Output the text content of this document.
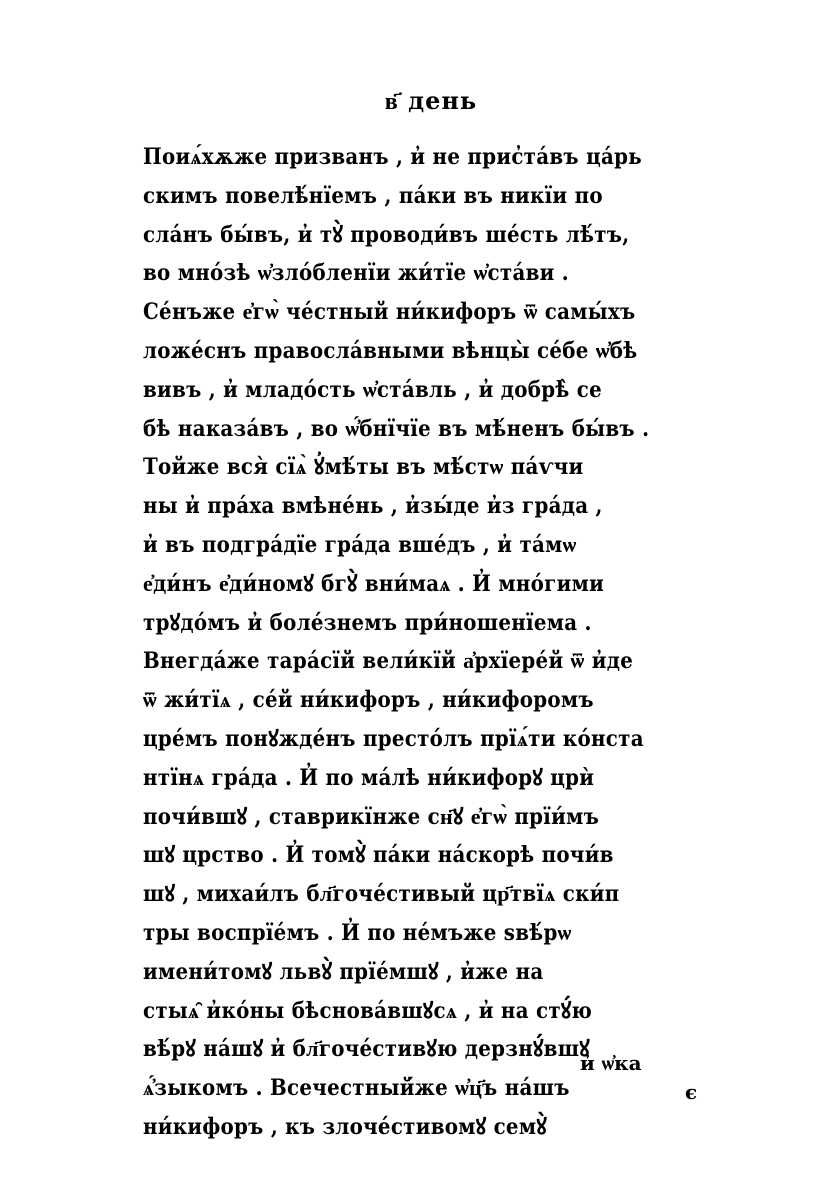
в҃ день
Поиѧ́хѫже призванъ , и̓ не прис̓та́въ ца́рь
скимъ повелѣ́нїемъ , па́ки въ никїи по
сла́нъ бы́въ, и̓ тꙋ̀ проводи́въ ше́сть лѣ́тъ,
во мно́зѣ ѡ҆зло́бленїи жи́тїе ѡ҆ста́ви .
Се́нъже е҆гѡ̀ че́стный ни́кифоръ ѿ самы́хъ
ложе́снъ правосла́вными вѣнцы̀ се́бе ѡ҆бѣ
вивъ , и̓ младо́сть ѡ҆ста́вль , и̓ добрѣ̀ се
бѣ наказа́въ , во ѡ҆́бнїчїе въ мѣ́ненъ бы́въ .
Тойже вся̀ сїѧ̀ ꙋ҆мѣ́ты въ мѣ́стѡ па́ѵчи
ны и̓ пра́ха вмѣне́нь , и̓зы́де и̓з гра́да ,
и̓ въ подгра́дїе гра́да вше́дъ , и̓ та́мѡ
е҆ди́нъ е҆ди́номꙋ бгꙋ̀ вни́маѧ . И̓ мно́гими
трꙋдо́мъ и̓ боле́знемъ при́ношенїема .
Внегда́же тара́сїй вели́кїй а҆рхїере́й ѿ и̓де
ѿ жи́тїѧ , се́й ни́кифоръ , ни́кифоромъ
цре́мъ понꙋжде́нъ престо́лъ прїѧ́ти ко́нста
нтїнѧ гра́да . И̓ по ма́лѣ ни́кифорꙋ црѝ
почи́вшꙋ , ставрикїнже сн҃ꙋ е҆гѡ̀ прїи́мъ
шꙋ црство . И̓ томꙋ̀ па́ки на́скорѣ почи́в
шꙋ , михаи́лъ бл҃гоче́стивый цр҃твїѧ ски́п
тры воспрїе́мъ . И̓ по не́мъже ѕвѣ́рѡ
имени́томꙋ львꙋ̀ прїе́мшꙋ , и̓же на
стыѧ̑ и̓ко́ны бѣснова́вшꙋсѧ , и̓ на стꙋ́ю
вѣ́рꙋ на́шꙋ и̓ бл҃гоче́стивꙋю дерзнꙋ́вшꙋ
ѧ҆́зыкомъ . Всечестный́же ѡ҆ц҃ъ на́шъ
ни́кифоръ , къ злоче́стивомꙋ семꙋ̀
и̓ ѡ҆ка
є
